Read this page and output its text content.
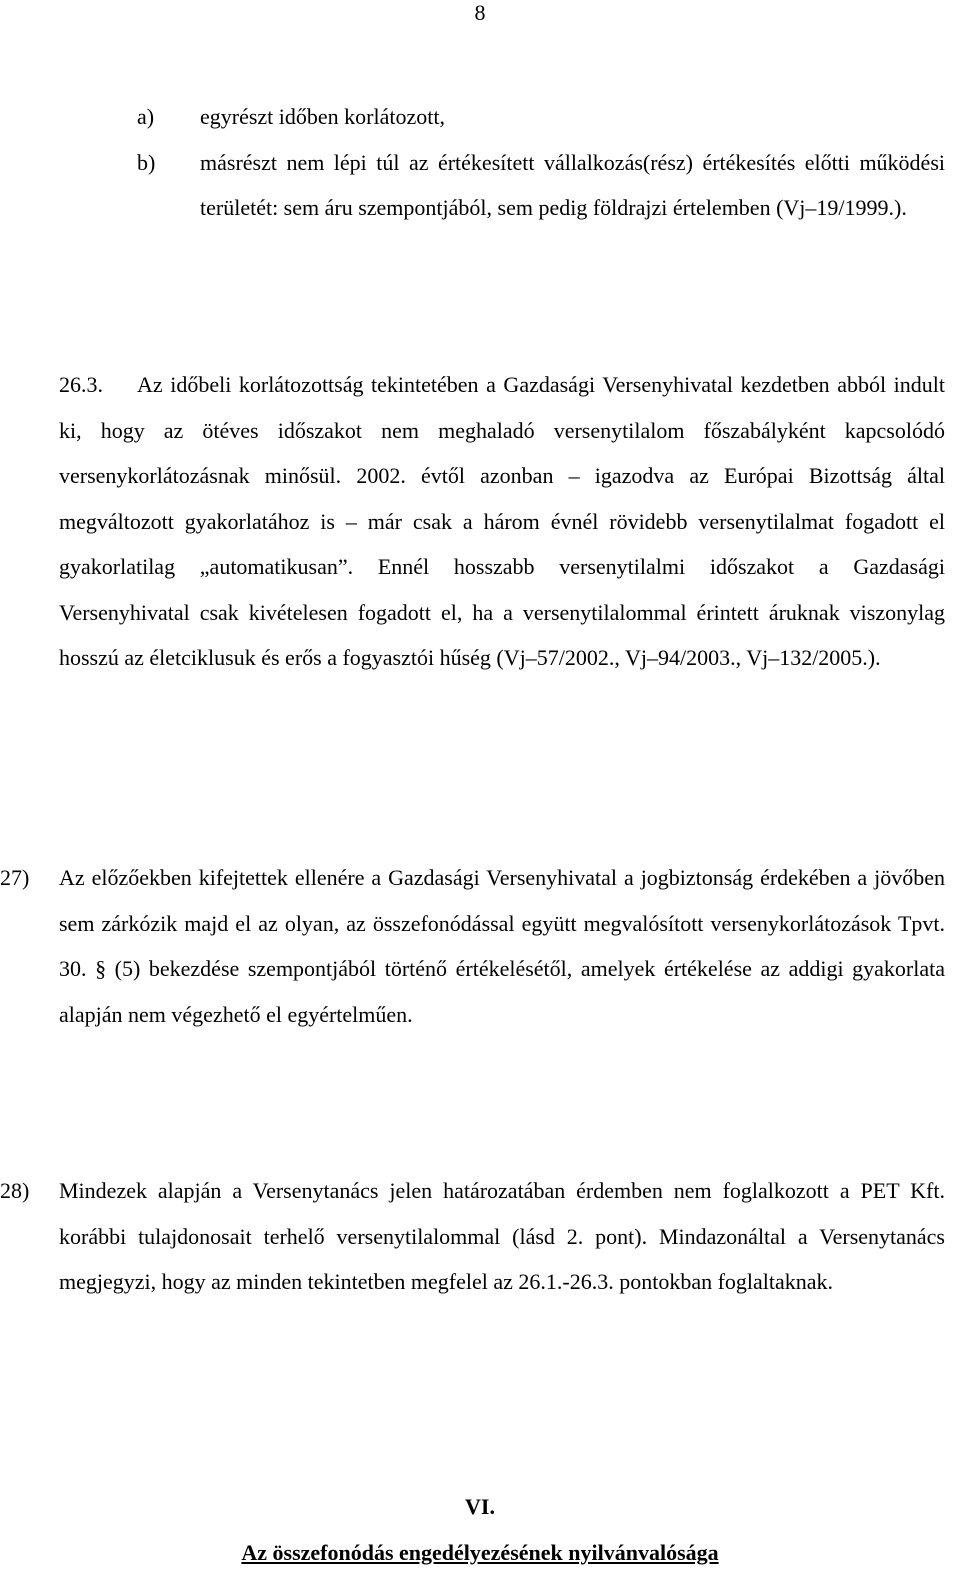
8
a) egyrészt időben korlátozott,
b) másrészt nem lépi túl az értékesített vállalkozás(rész) értékesítés előtti működési területét: sem áru szempontjából, sem pedig földrajzi értelemben (Vj–19/1999.).
26.3.	Az időbeli korlátozottság tekintetében a Gazdasági Versenyhivatal kezdetben abból indult ki, hogy az ötéves időszakot nem meghaladó versenytilalom főszabályként kapcsolódó versenykorlátozásnak minősül. 2002. évtől azonban – igazodva az Európai Bizottság által megváltozott gyakorlatához is – már csak a három évnél rövidebb versenytilalmat fogadott el gyakorlatilag „automatikusan”. Ennél hosszabb versenytilalmi időszakot a Gazdasági Versenyhivatal csak kivételesen fogadott el, ha a versenytilalommal érintett áruknak viszonylag hosszú az életciklusuk és erős a fogyasztói hűség (Vj–57/2002., Vj–94/2003., Vj–132/2005.).
27) Az előzőekben kifejtettek ellenére a Gazdasági Versenyhivatal a jogbiztonság érdekében a jövőben sem zárkózik majd el az olyan, az összefonódással együtt megvalósított versenykorlátozások Tpvt. 30. § (5) bekezdése szempontjából történő értékelésétől, amelyek értékelése az addigi gyakorlata alapján nem végezhető el egyértelműen.
28) Mindezek alapján a Versenytanács jelen határozatában érdemben nem foglalkozott a PET Kft. korábbi tulajdonosait terhelő versenytilalommal (lásd 2. pont). Mindazonáltal a Versenytanács megjegyzi, hogy az minden tekintetben megfelel az 26.1.-26.3. pontokban foglaltaknak.
VI.
Az összefonódás engedélyezésének nyilvánvalósága
